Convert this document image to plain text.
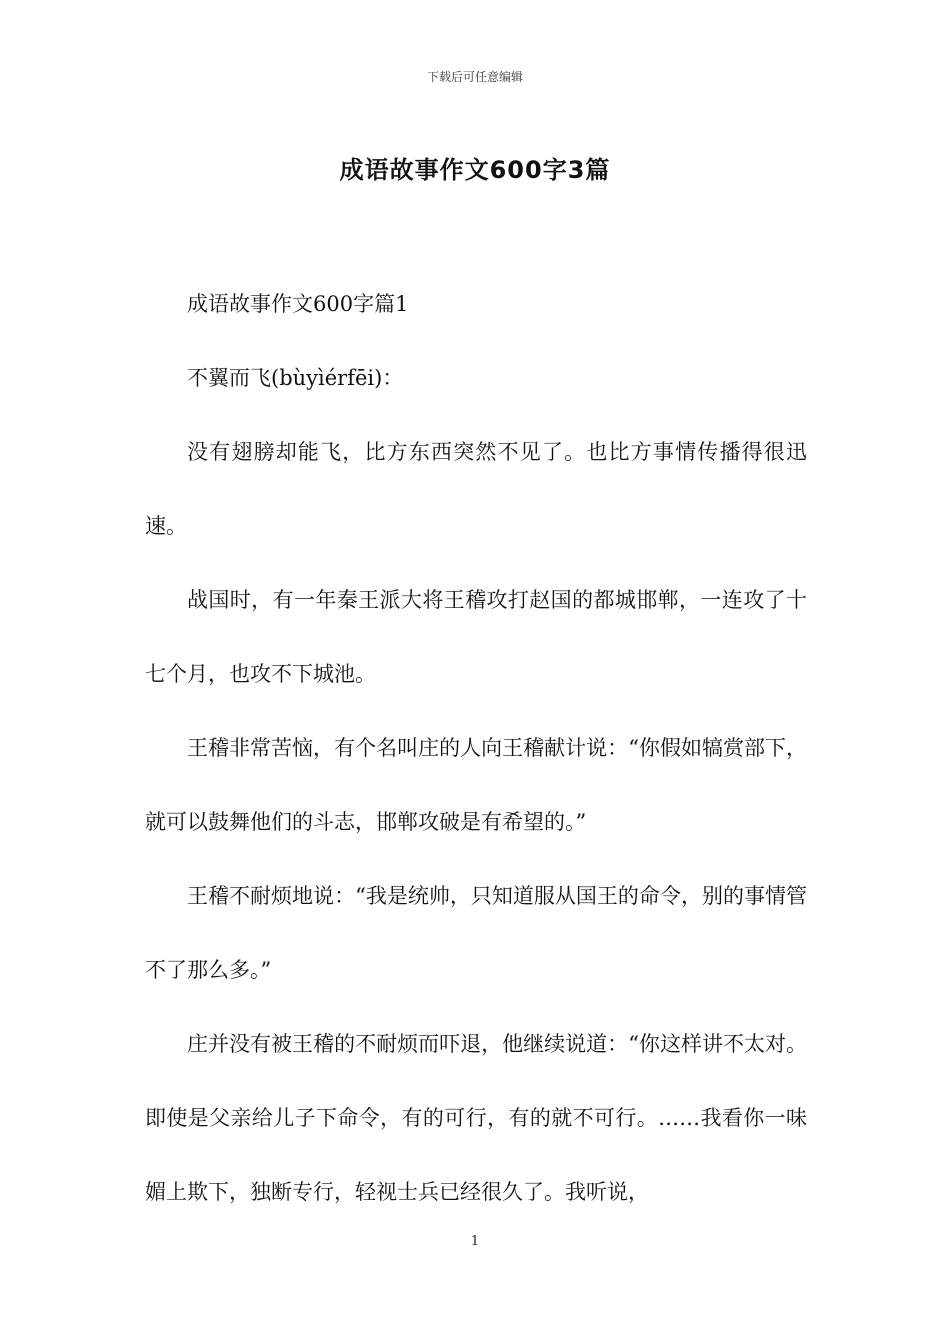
下载后可任意编辑
成语故事作文600字3篇

成语故事作文600字篇1

不翼而飞(bùyìérfēi)：

没有翅膀却能飞，比方东西突然不见了。也比方事情传播得很迅速。

战国时，有一年秦王派大将王稽攻打赵国的都城邯郸，一连攻了十七个月，也攻不下城池。

王稽非常苦恼，有个名叫庄的人向王稽献计说：“你假如犒赏部下，就可以鼓舞他们的斗志，邯郸攻破是有希望的。”

王稽不耐烦地说：“我是统帅，只知道服从国王的命令，别的事情管不了那么多。”

庄并没有被王稽的不耐烦而吓退，他继续说道：“你这样讲不太对。即使是父亲给儿子下命令，有的可行，有的就不可行。……我看你一味媚上欺下，独断专行，轻视士兵已经很久了。我听说，

1
